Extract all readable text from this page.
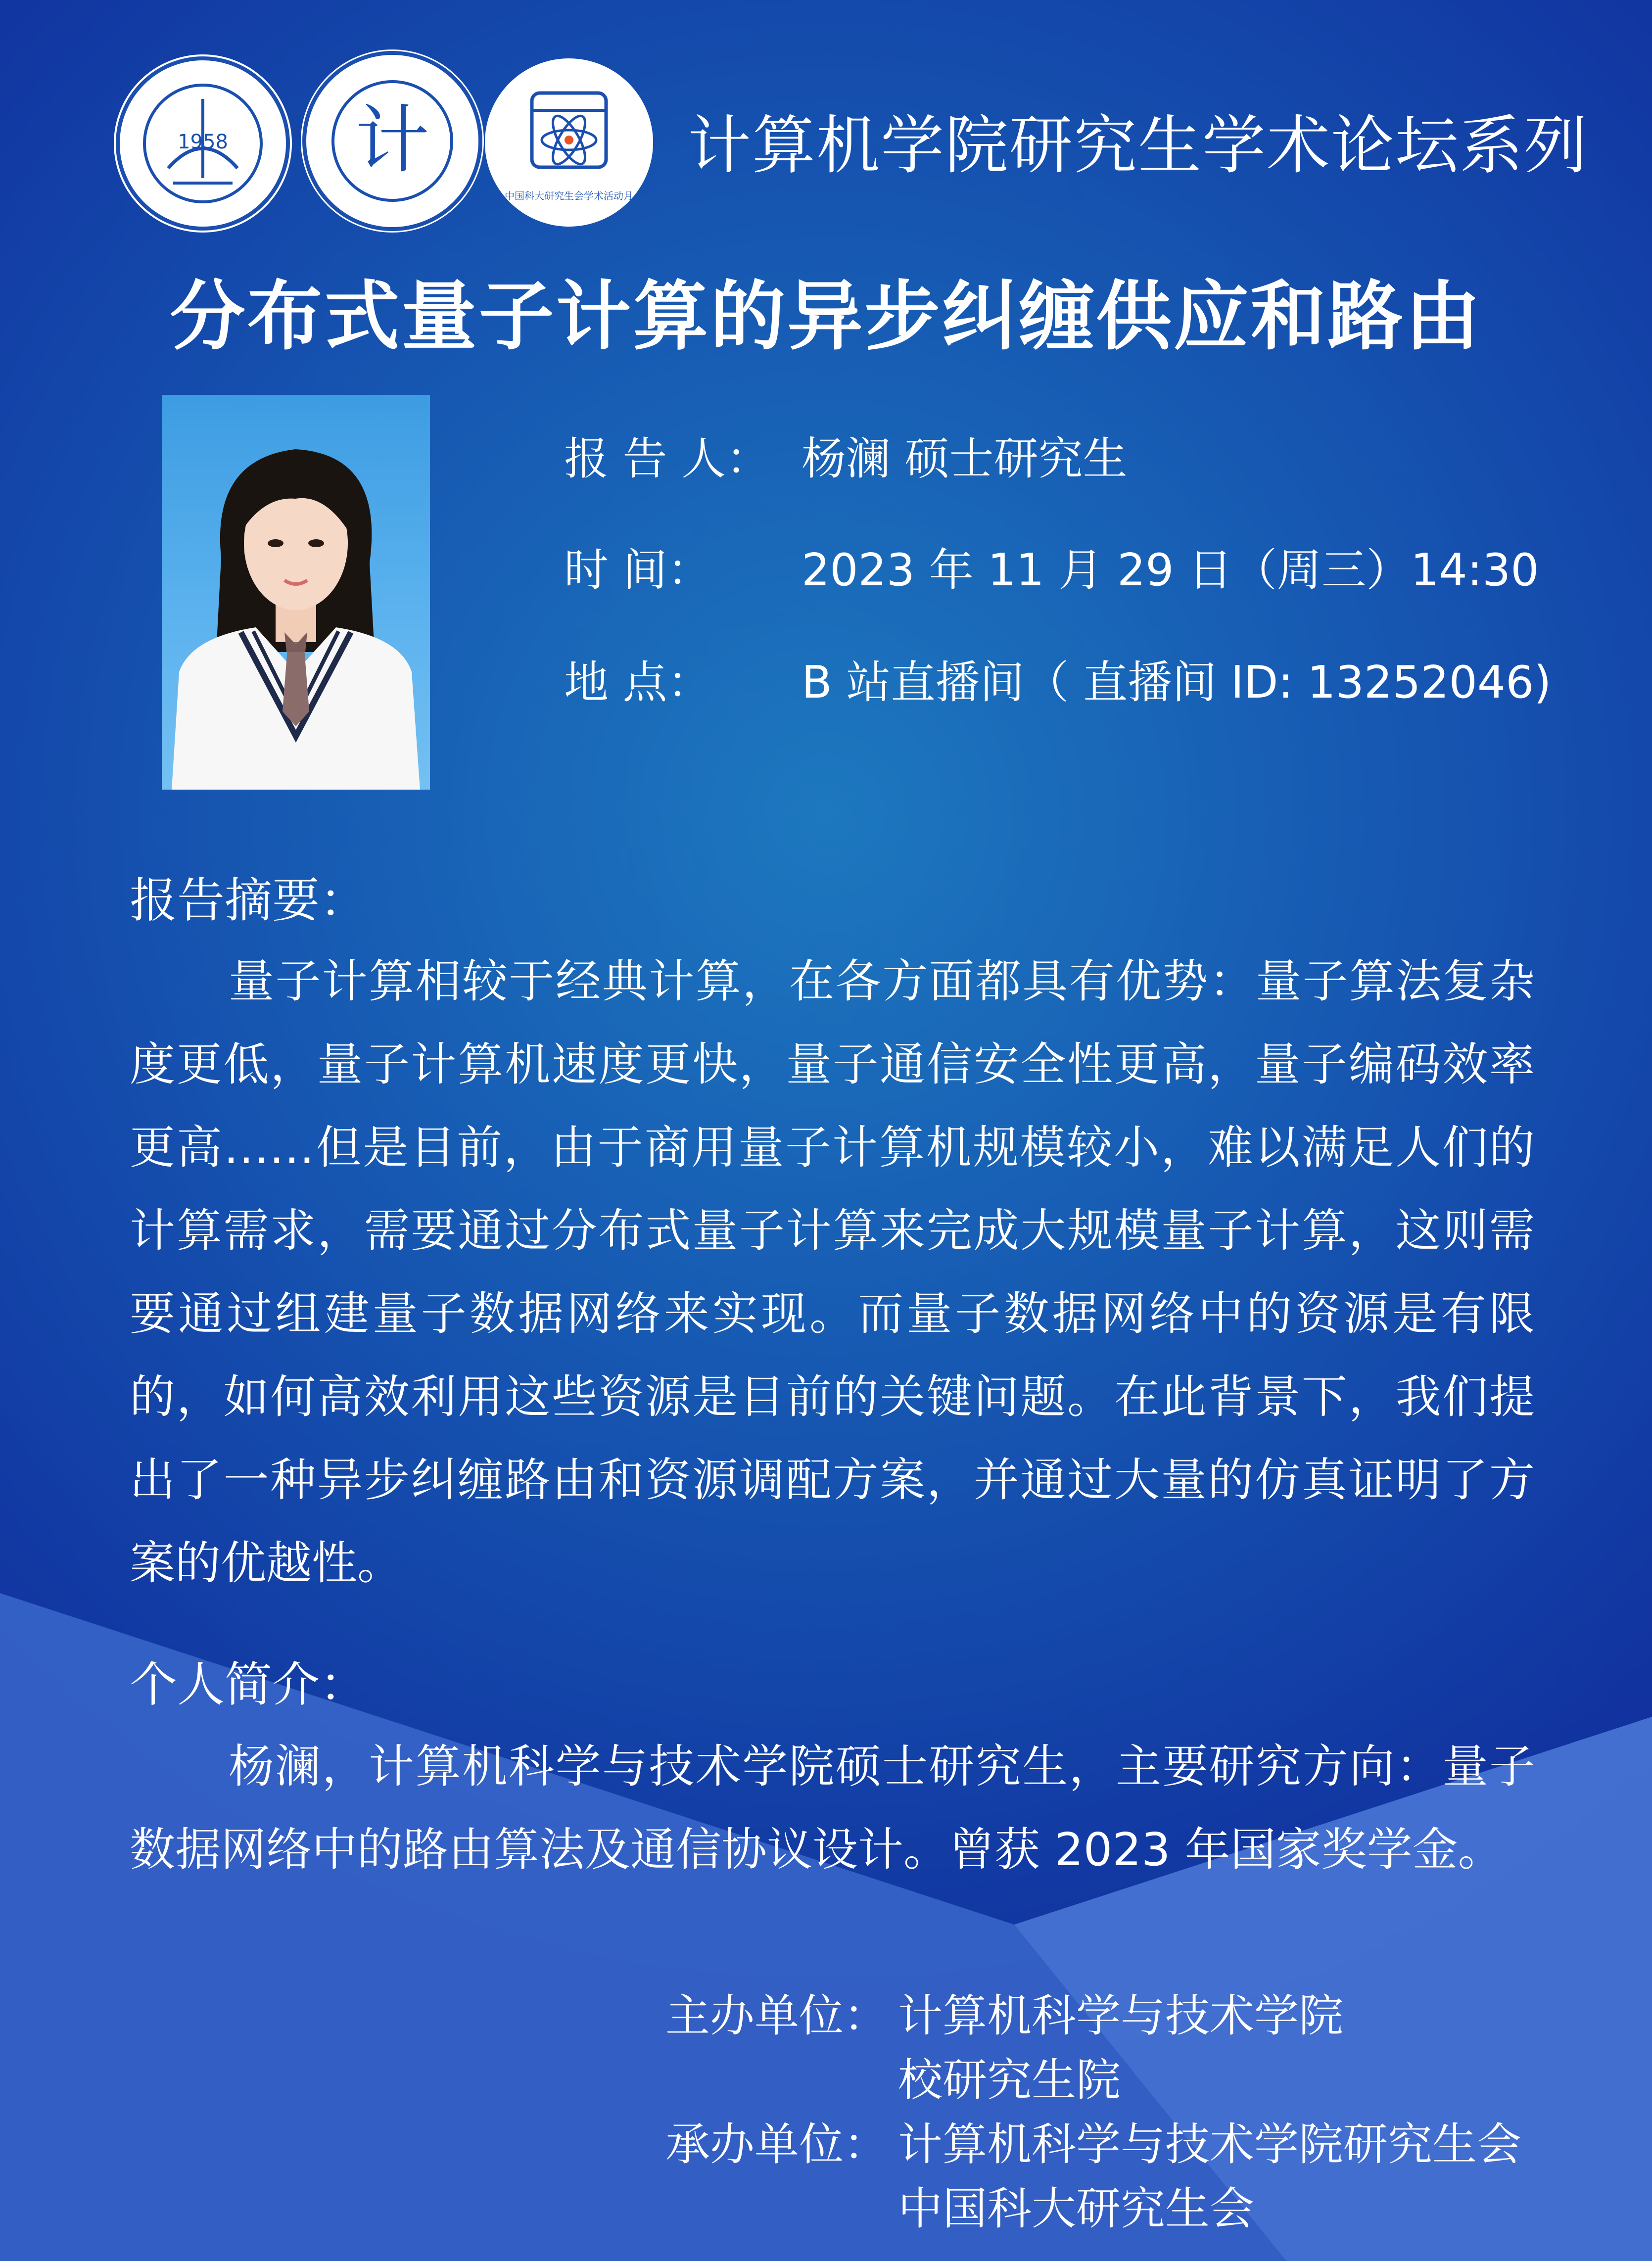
1958 计
中国科大研究生会学术活动月
计算机学院研究生学术论坛系列
分布式量子计算的异步纠缠供应和路由
报 告 人： 杨澜 硕士研究生
时 间： 2023 年 11 月 29 日（周三）14:30
地 点： B 站直播间（ 直播间 ID: 13252046)
报告摘要：

量子计算相较于经典计算，在各方面都具有优势：量子算法复杂度更低，量子计算机速度更快，量子通信安全性更高，量子编码效率更高……但是目前，由于商用量子计算机规模较小，难以满足人们的计算需求，需要通过分布式量子计算来完成大规模量子计算，这则需要通过组建量子数据网络来实现。而量子数据网络中的资源是有限的，如何高效利用这些资源是目前的关键问题。在此背景下，我们提出了一种异步纠缠路由和资源调配方案，并通过大量的仿真证明了方案的优越性。

个人简介：

杨澜，计算机科学与技术学院硕士研究生，主要研究方向：量子数据网络中的路由算法及通信协议设计。曾获 2023 年国家奖学金。

主办单位： 计算机科学与技术学院
校研究生院
承办单位： 计算机科学与技术学院研究生会
中国科大研究生会
